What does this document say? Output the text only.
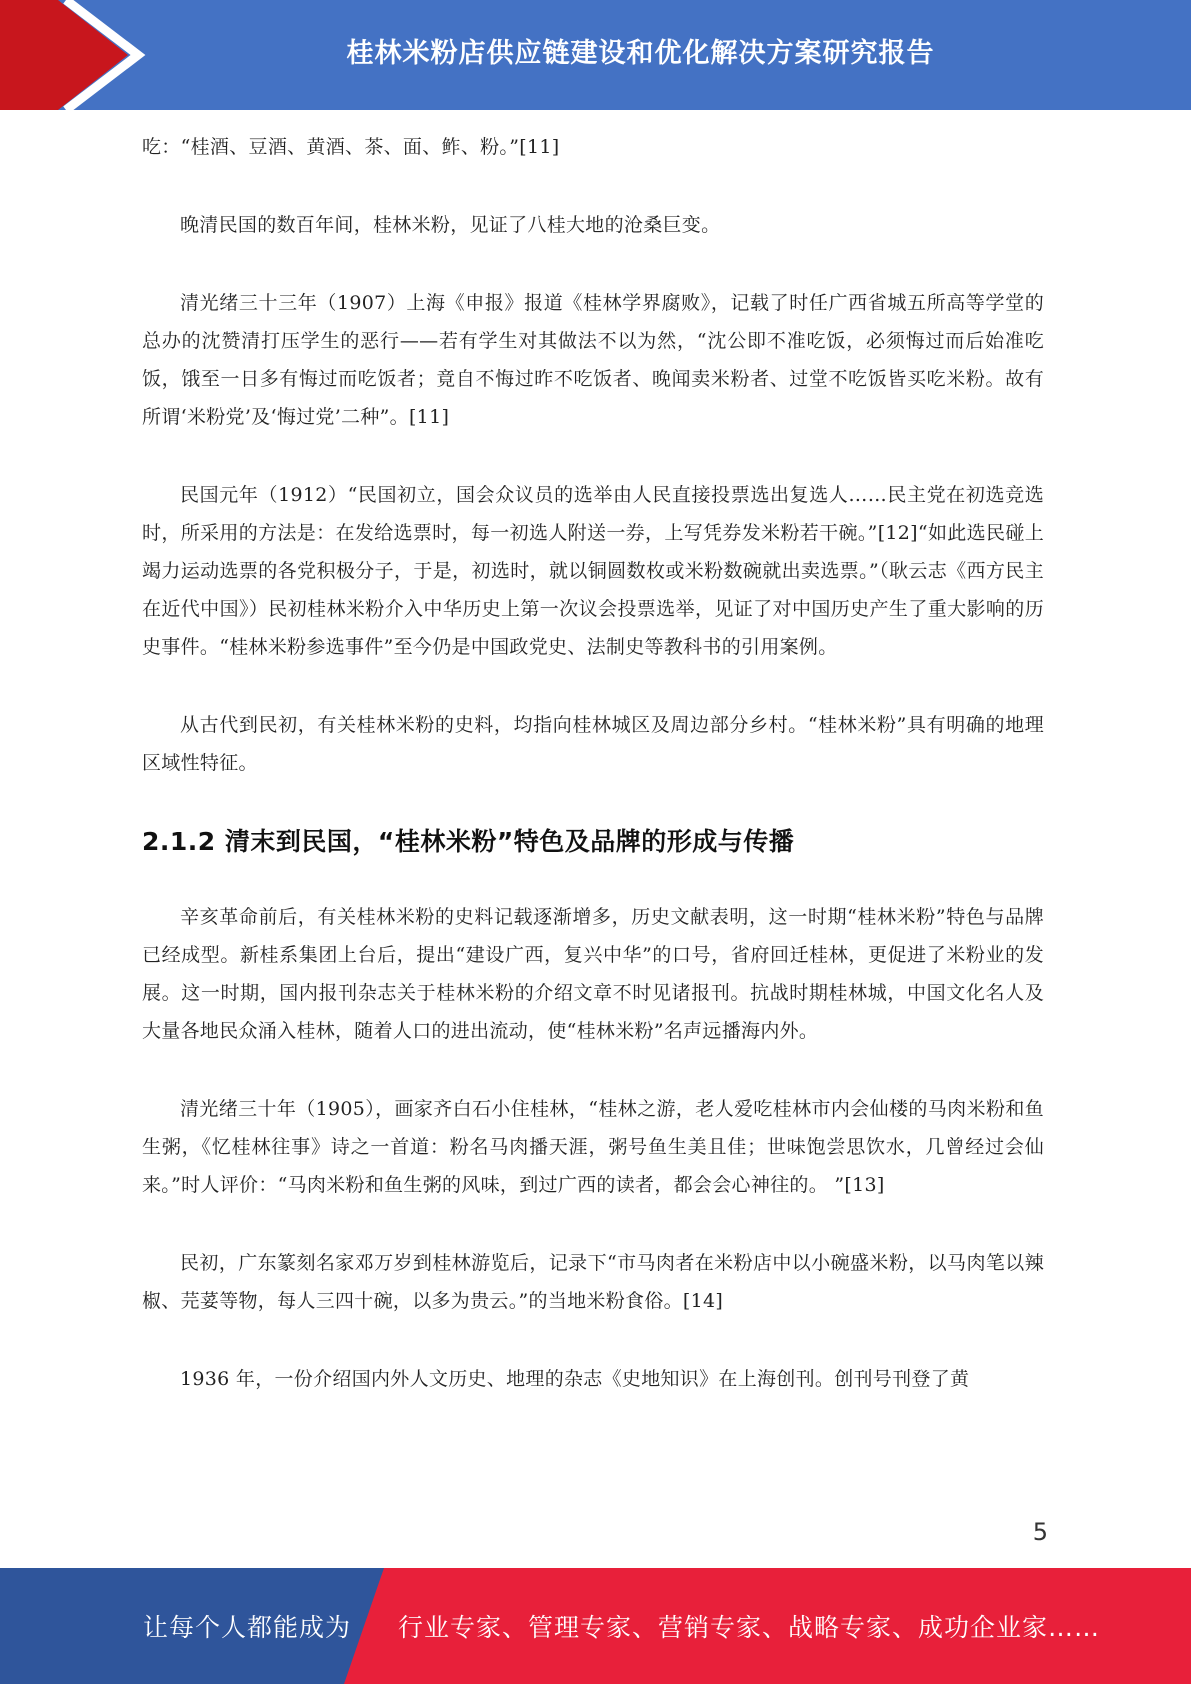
桂林米粉店供应链建设和优化解决方案研究报告

吃：“桂酒、豆酒、黄酒、茶、面、鲊、粉。”[11]

晚清民国的数百年间，桂林米粉，见证了八桂大地的沧桑巨变。

清光绪三十三年（1907）上海《申报》报道《桂林学界腐败》，记载了时任广西省城五所高等学堂的总办的沈赞清打压学生的恶行——若有学生对其做法不以为然，“沈公即不准吃饭，必须悔过而后始准吃饭，饿至一日多有悔过而吃饭者；竟自不悔过昨不吃饭者、晚闻卖米粉者、过堂不吃饭皆买吃米粉。故有所谓‘米粉党’及‘悔过党’二种”。[11]

民国元年（1912）“民国初立，国会众议员的选举由人民直接投票选出复选人……民主党在初选竞选时，所采用的方法是：在发给选票时，每一初选人附送一券，上写凭券发米粉若干碗。”[12]“如此选民碰上竭力运动选票的各党积极分子，于是，初选时，就以铜圆数枚或米粉数碗就出卖选票。”（耿云志《西方民主在近代中国》）民初桂林米粉介入中华历史上第一次议会投票选举，见证了对中国历史产生了重大影响的历史事件。“桂林米粉参选事件”至今仍是中国政党史、法制史等教科书的引用案例。

从古代到民初，有关桂林米粉的史料，均指向桂林城区及周边部分乡村。“桂林米粉”具有明确的地理区域性特征。

2.1.2 清末到民国，“桂林米粉”特色及品牌的形成与传播

辛亥革命前后，有关桂林米粉的史料记载逐渐增多，历史文献表明，这一时期“桂林米粉”特色与品牌已经成型。新桂系集团上台后，提出“建设广西，复兴中华”的口号，省府回迁桂林，更促进了米粉业的发展。这一时期，国内报刊杂志关于桂林米粉的介绍文章不时见诸报刊。抗战时期桂林城，中国文化名人及大量各地民众涌入桂林，随着人口的进出流动，使“桂林米粉”名声远播海内外。

清光绪三十年（1905），画家齐白石小住桂林，“桂林之游，老人爱吃桂林市内会仙楼的马肉米粉和鱼生粥，《忆桂林往事》诗之一首道：粉名马肉播天涯，粥号鱼生美且佳；世味饱尝思饮水，几曾经过会仙来。”时人评价：“马肉米粉和鱼生粥的风味，到过广西的读者，都会会心神往的。 ”[13]

民初，广东篆刻名家邓万岁到桂林游览后，记录下“市马肉者在米粉店中以小碗盛米粉，以马肉笔以辣椒、芫荽等物，每人三四十碗，以多为贵云。”的当地米粉食俗。[14]

1936 年，一份介绍国内外人文历史、地理的杂志《史地知识》在上海创刊。创刊号刊登了黄

5
让每个人都能成为 行业专家、管理专家、营销专家、战略专家、成功企业家……
